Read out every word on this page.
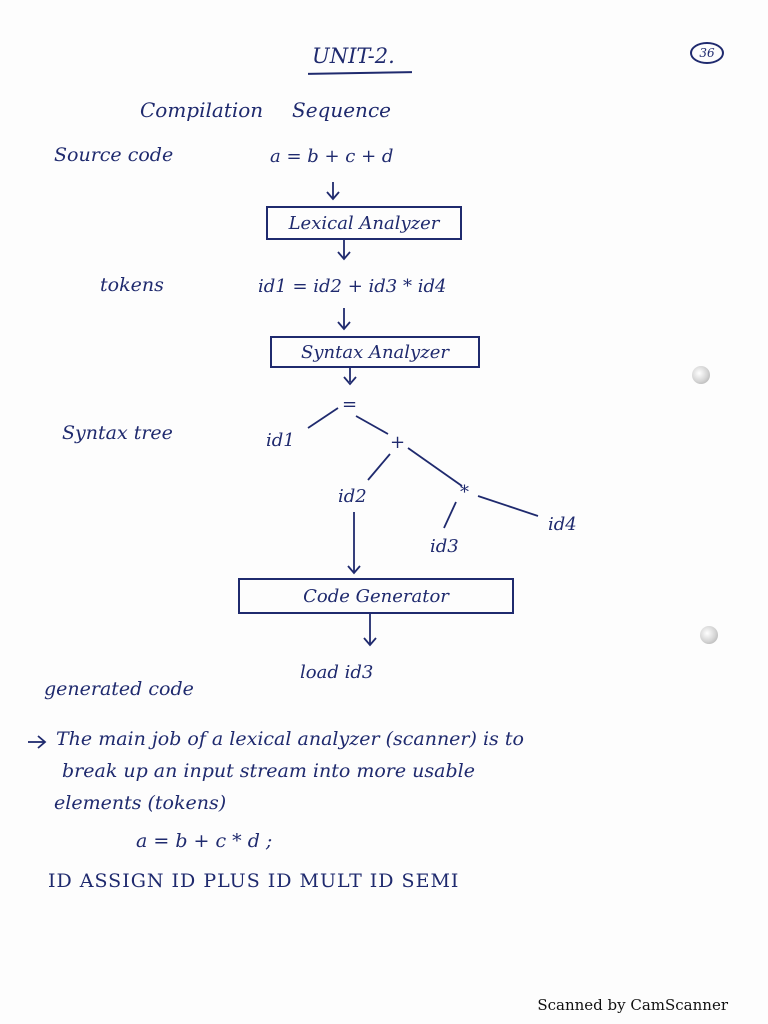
UNIT-2.	36
Compilation Sequence
Source code	a = b + c + d
Lexical Analyzer
tokens	id1 = id2 + id3 * id4
Syntax Analyzer
Syntax tree
=
id1	+
id2	*
id3
id4
Code Generator
generated code
load id3
The main job of a lexical analyzer (scanner) is to
break up an input stream into more usable
elements (tokens)
a = b + c * d ;
ID ASSIGN ID PLUS ID MULT ID SEMI
Scanned by CamScanner
